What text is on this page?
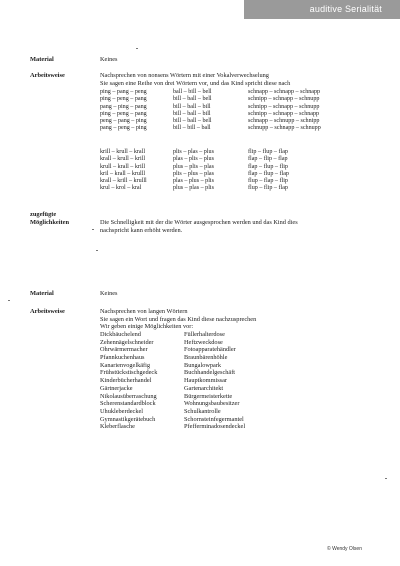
auditive Serialität
Material	Keines
Arbeitsweise	Nachsprechen von nonsens Wörtern mit einer Vokalverwechselung
Sie sagen eine Reihe von drei Wörtern vor, und das Kind spricht diese nach
ping – pang – peng	ball – bill – bell	schnapp – schnapp – schnapp
ping – peng – pang	bill – ball – bell	schnipp – schnapp – schnupp
pang – ping – pang	bill – ball – bill	schnipp – schnapp – schnupp
ping – peng – pang	bill – ball – bill	schnipp – schnapp – schnapp
peng – pang – ping	bill – ball – bell	schnapp – schnupp – schnipp
pang – peng – ping	bill – bill – ball	schnupp – schnapp – schnupp
krill – krull – krall	plis – plas – plus	flip – flup – flap
krall – krull – krill	plas – plis – plus	flap – flip – flap
krull – krall – krill	plus – plis – plas	flap – flup – flip
kril – krall – krulll	plis – plus – plas	flap – flup – flap
krall – krill – krulll	plas – plus – plis	flup – flap – flip
krul – krol – kral	plus – plas – plis	flup – flip – flap
zugefügte
Möglichkeiten	Die Schnelligkeit mit der die Wörter ausgesprochen werden und das Kind dies
nachspricht kann erhöht werden.
Material	Keines
Arbeitsweise	Nachsprechen von langen Wörtern
Sie sagen ein Wort und fragen das Kind diese nachzusprechen
Wir geben einige Möglichkeiten vor:
Dickbäuchelend	Füllerhalterdose
Zehennägelschneider	Heftzweckdose
Ohrwärmermacher	Fotoapparatehändler
Pfannkuchenhaus	Braunbärenhöhle
Kanarienvogelkäfig	Bungalowpark
Frühstückstischgedeck	Buchhandelgeschäft
Kinderbücherhandel	Hauptkommissar
Gärtnerjacke	Gartenarchitekt
Nikolausüberraschung	Bürgermeisterkette
Scherenstandardblock	Wohnungsbaubesitzer
Uhukleberdeckel	Schulkantrolle
Gymnastikgerätebuch	Schornsteinfegermantel
Kleberflasche	Pfefferminadosendeckel
© Wendy Olsen
